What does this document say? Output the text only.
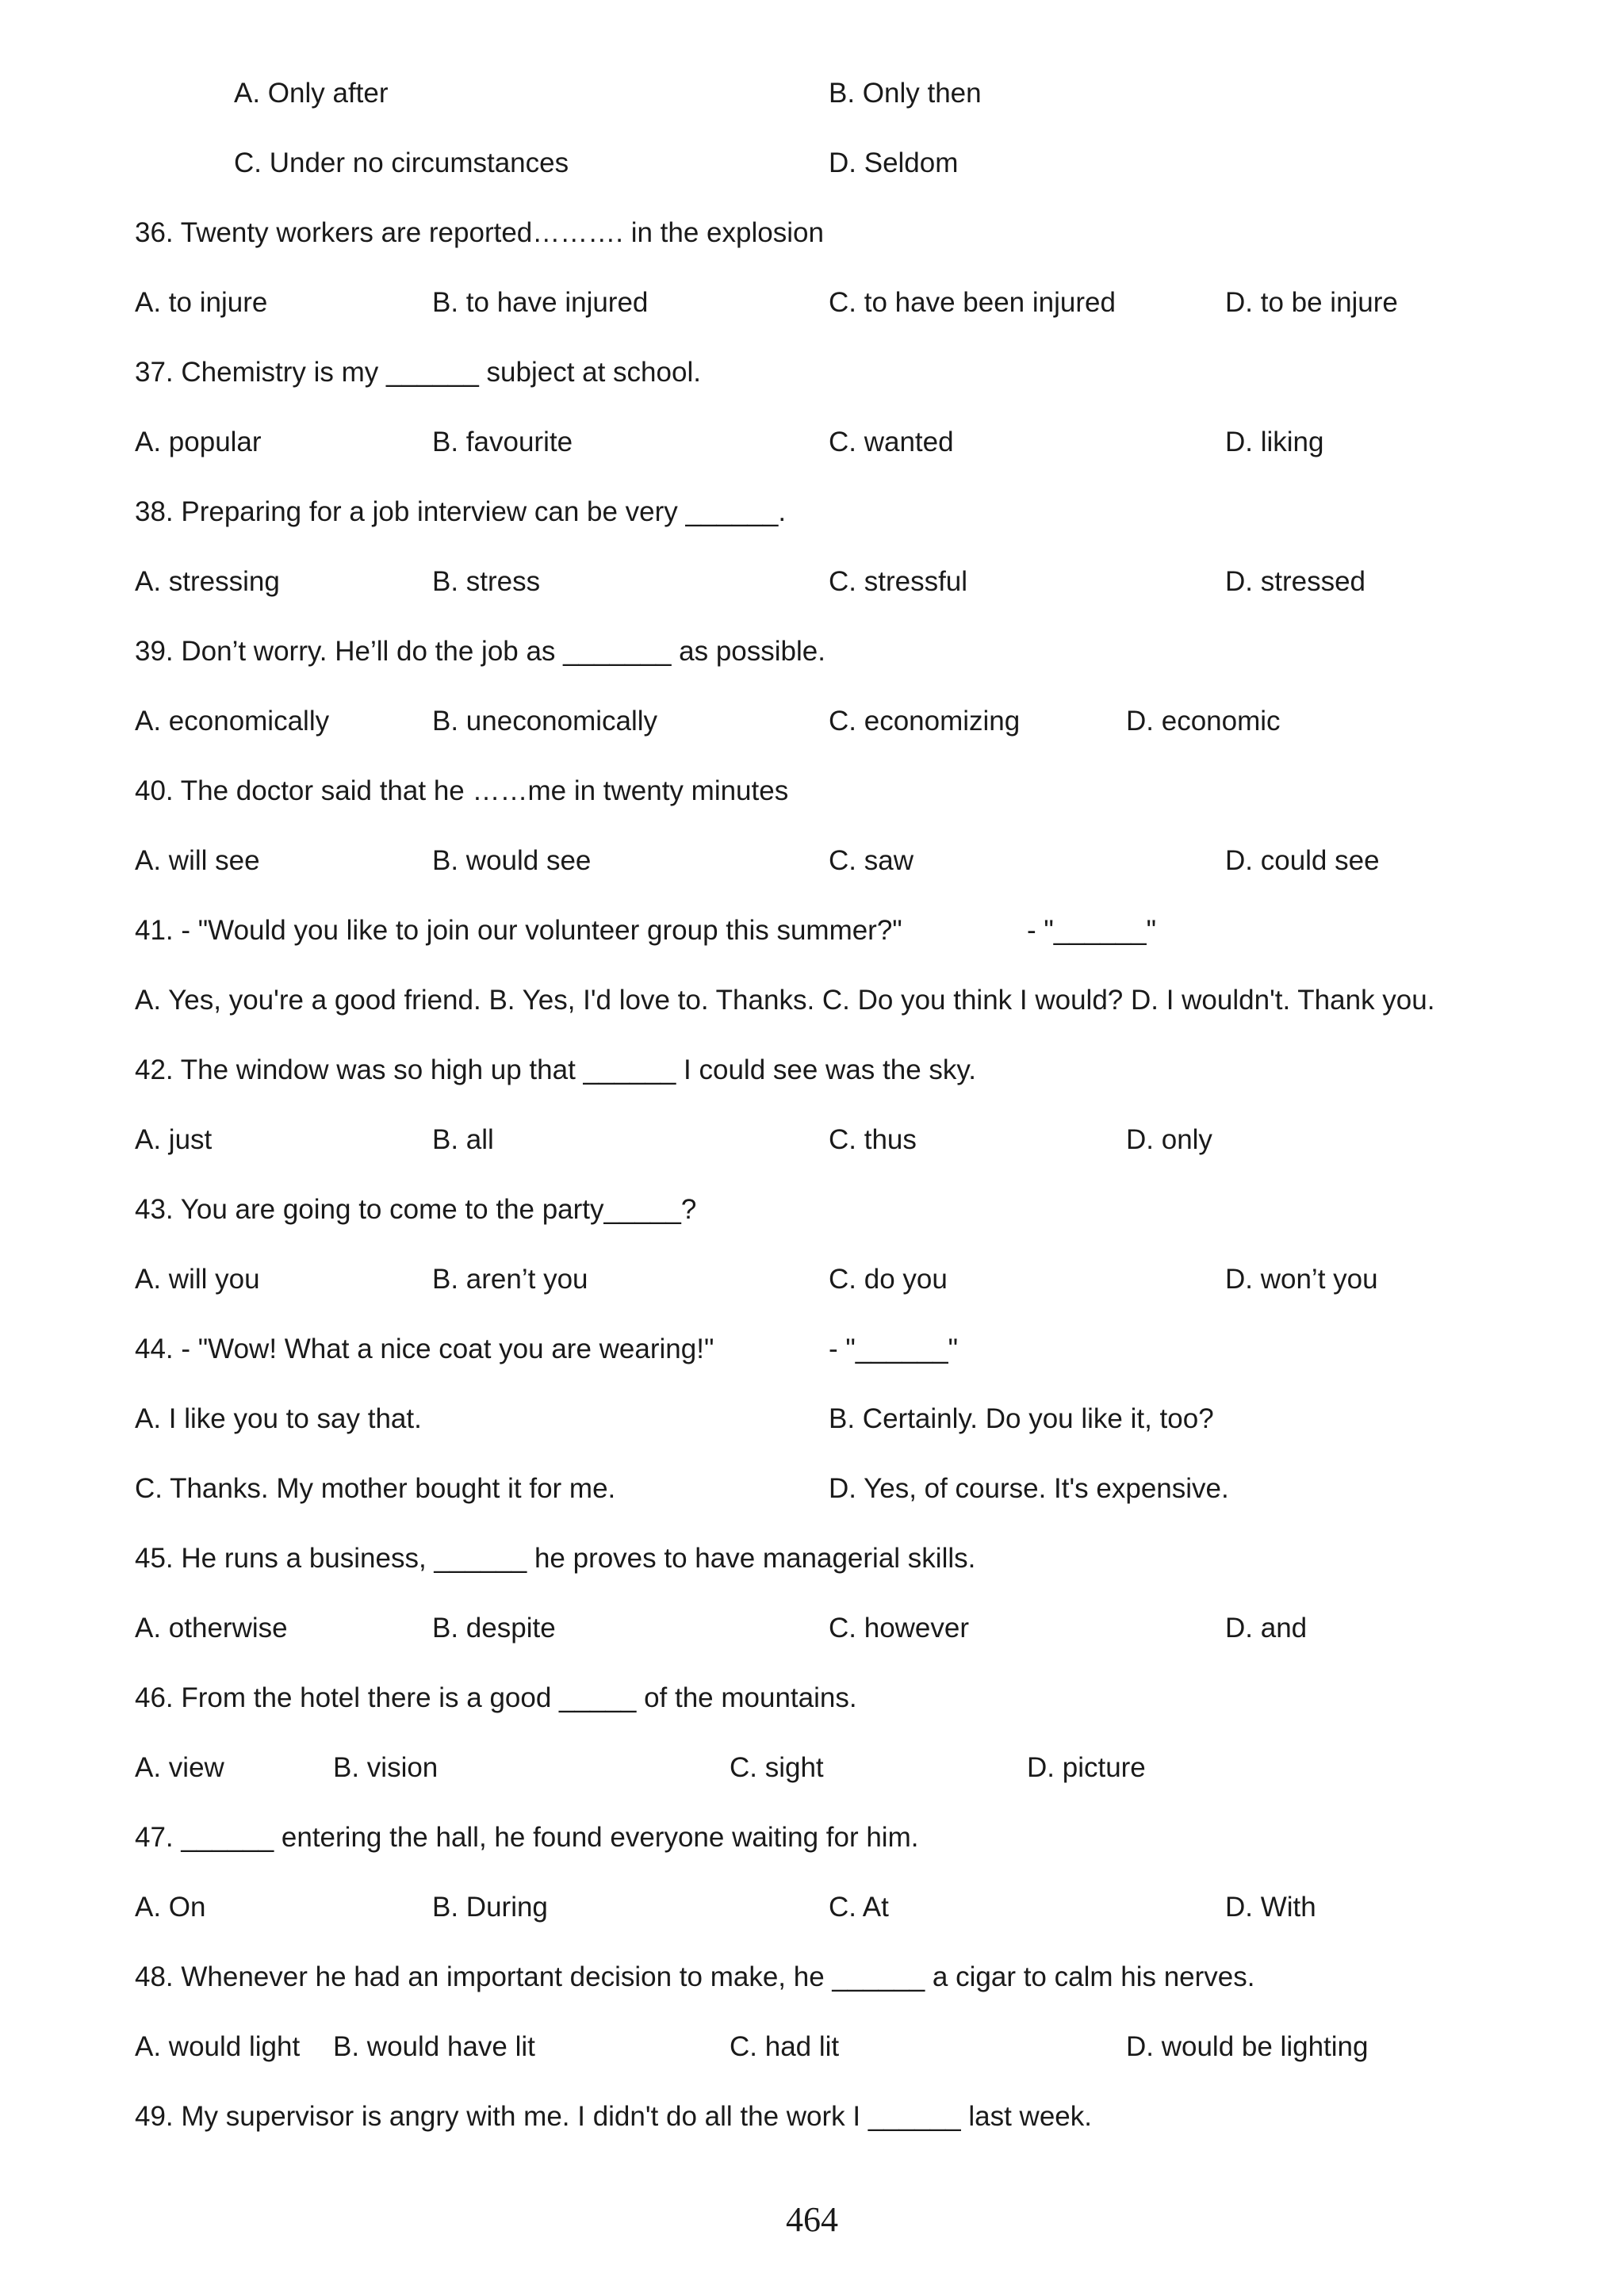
A. Only after	B. Only then
C. Under no circumstances	D. Seldom
36. Twenty workers are reported………. in the explosion
A. to injure	B. to have injured	C. to have been injured	D. to be injure
37. Chemistry is my ______ subject at school.
A. popular	B. favourite	C. wanted	D. liking
38. Preparing for a job interview can be very ______.
A. stressing	B. stress	C. stressful	D. stressed
39. Don’t worry. He’ll do the job as _______ as possible.
A. economically	B. uneconomically	C. economizing	D. economic
40. The doctor said that he ……me in twenty minutes
A. will see	B. would see	C. saw	D. could see
41. - "Would you like to join our volunteer group this summer?"	- "______"
A. Yes, you're a good friend. B. Yes, I'd love to. Thanks. C. Do you think I would? D. I wouldn't. Thank you.
42. The window was so high up that ______ I could see was the sky.
A. just	B. all	C. thus	D. only
43. You are going to come to the party_____?
A. will you	B. aren’t you	C. do you	D. won’t you
44. - "Wow! What a nice coat you are wearing!"	- "______"
A. I like you to say that.	B. Certainly. Do you like it, too?
C. Thanks. My mother bought it for me.	D. Yes, of course. It's expensive.
45. He runs a business, ______ he proves to have managerial skills.
A. otherwise	B. despite	C. however	D. and
46. From the hotel there is a good _____ of the mountains.
A. view	B. vision	C. sight	D. picture
47. ______ entering the hall, he found everyone waiting for him.
A. On	B. During	C. At	D. With
48. Whenever he had an important decision to make, he ______ a cigar to calm his nerves.
A. would light B. would have lit	C. had lit	D. would be lighting
49. My supervisor is angry with me. I didn't do all the work I ______ last week.
464
